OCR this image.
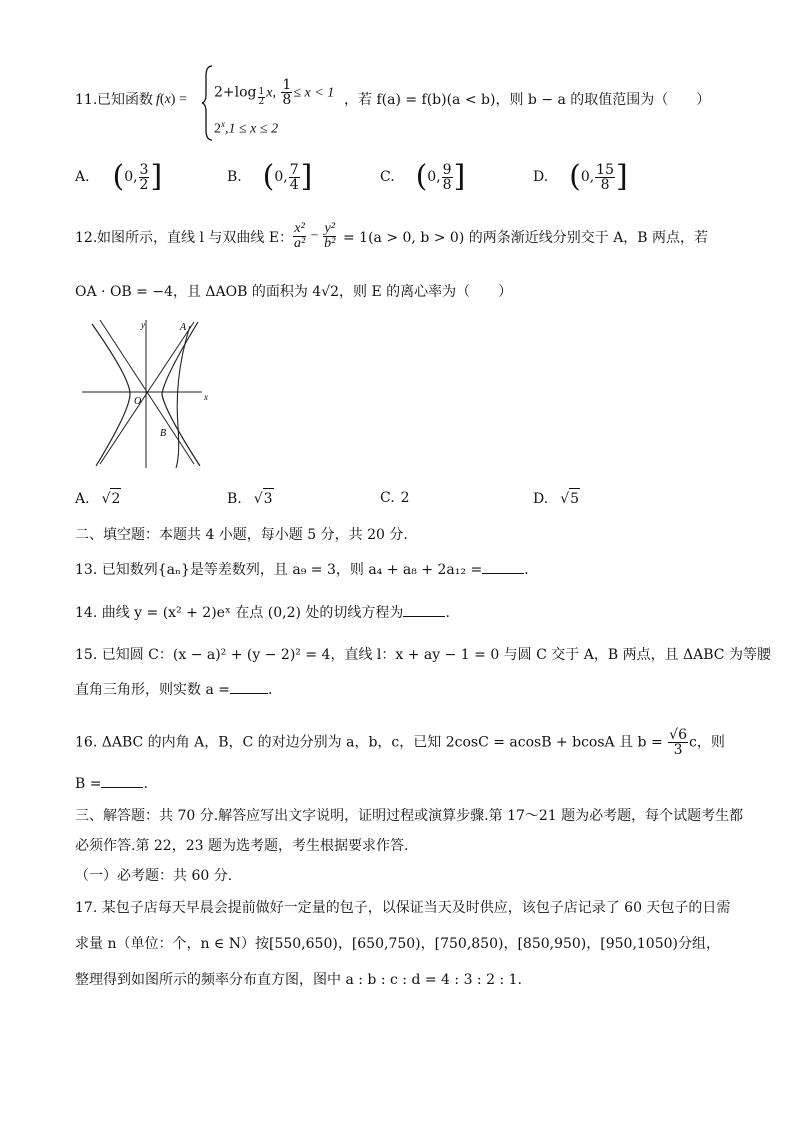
11. 已知函数 f(x) = 2+log $_{\frac{1}{2}}$ x, $\frac{1}{8} \le x < 1$
$2^x,1 \le x \le 2$
，若 f(a) = f(b)(a < b)，则 b − a 的取值范围为（　　）
A. (0, $\frac{3}{2}$ ]	B. (0, $\frac{7}{4}$ ]	C. (0, $\frac{9}{8}$ ]	D. (0, $\frac{15}{8}$ ]
12. 如图所示，直线 l 与双曲线 E： $\frac{\text{x²}}{\text{a²}} - \frac{\text{y²}}{\text{b²}} = 1(a > 0$, b > 0) 的两条渐近线分别交于 A，B 两点，若
OA · OB = −4，且 ΔAOB 的面积为 4√2，则 E 的离心率为（　　）
y
x
O
A
B
A. √2	B. √3	C. 2	D. √5
二、填空题：本题共 4 小题，每小题 5 分，共 20 分.
13. 已知数列{aₙ}是等差数列，且 a₉ = 3，则 a₄ + a₈ + 2a₁₂ =	.
14. 曲线 y = (x² + 2)eˣ 在点 (0,2) 处的切线方程为	.
15. 已知圆 C：(x − a)² + (y − 2)² = 4，直线 l：x + ay − 1 = 0 与圆 C 交于 A，B 两点，且 ΔABC 为等腰
直角三角形，则实数 a =	.
16. ΔABC 的内角 A，B，C 的对边分别为 a，b，c，已知 2cosC = acosB + bcosA 且 $b = \frac{√6}{3}$ c，则
B =	.
三、解答题：共 70 分.解答应写出文字说明，证明过程或演算步骤.第 17～21 题为必考题，每个试题考生都
必须作答.第 22，23 题为选考题，考生根据要求作答.
（一）必考题：共 60 分.
17. 某包子店每天早晨会提前做好一定量的包子，以保证当天及时供应，该包子店记录了 60 天包子的日需
求量 n（单位：个，n ∈ N）按[550,650)，[650,750)，[750,850)，[850,950)，[950,1050)分组，
整理得到如图所示的频率分布直方图，图中 a : b : c : d = 4 : 3 : 2 : 1.
